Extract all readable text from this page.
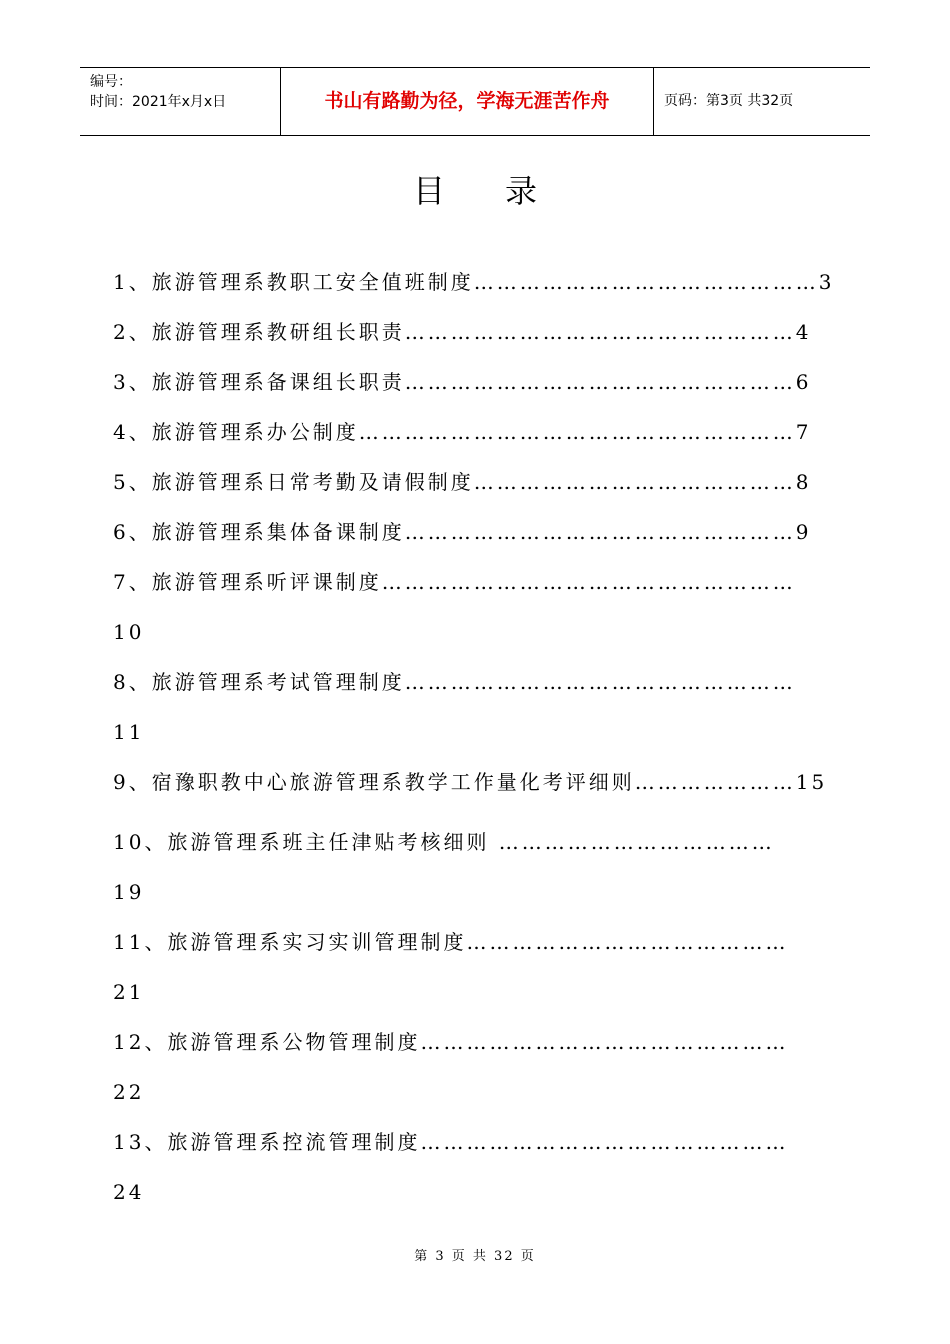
编号：
时间：2021年x月x日	书山有路勤为径，学海无涯苦作舟	页码：第3页 共32页
目录
1、旅游管理系教职工安全值班制度………………………………………3
2、旅游管理系教研组长职责……………………………………………4
3、旅游管理系备课组长职责……………………………………………6
4、旅游管理系办公制度…………………………………………………7
5、旅游管理系日常考勤及请假制度……………………………………8
6、旅游管理系集体备课制度……………………………………………9
7、旅游管理系听评课制度………………………………………………
10
8、旅游管理系考试管理制度……………………………………………
11
9、宿豫职教中心旅游管理系教学工作量化考评细则…………………15
10、旅游管理系班主任津贴考核细则 ………………………………
19
11、旅游管理系实习实训管理制度……………………………………
21
12、旅游管理系公物管理制度…………………………………………
22
13、旅游管理系控流管理制度…………………………………………
24
第 3 页 共 32 页
